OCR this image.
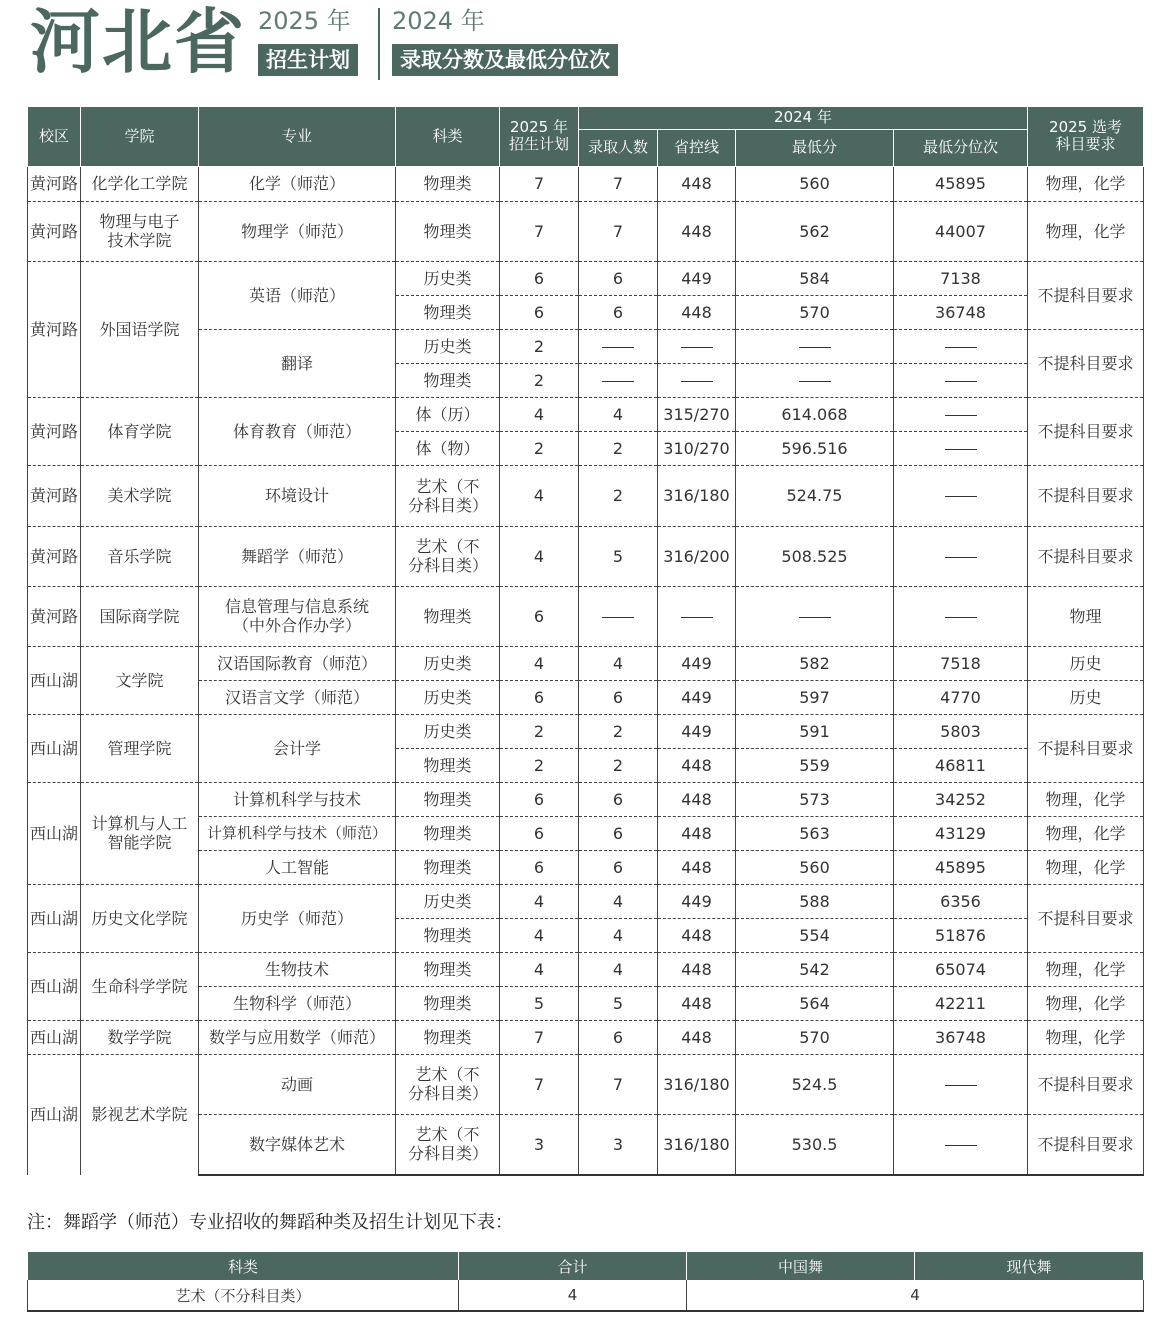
河北省 2025 年
招生计划
2024 年
录取分数及最低分位次
校区	学院	专业	科类	2025 年招生计划	2024 年				2025 选考科目要求
					录取人数	省控线	最低分	最低分位次	
黄河路	化学化工学院	化学（师范）	物理类	7	7	448	560	45895	物理，化学
黄河路	物理与电子技术学院	物理学（师范）	物理类	7	7	448	562	44007	物理，化学
黄河路	外国语学院	英语（师范）	历史类	6	6	449	584	7138	不提科目要求
			物理类	6	6	448	570	36748	
		翻译	历史类	2					不提科目要求
			物理类	2					
黄河路	体育学院	体育教育（师范）	体（历）	4	4	315/270	614.068		不提科目要求
			体（物）	2	2	310/270	596.516		
黄河路	美术学院	环境设计	艺术（不分科目类）	4	2	316/180	524.75		不提科目要求
黄河路	音乐学院	舞蹈学（师范）	艺术（不分科目类）	4	5	316/200	508.525		不提科目要求
黄河路	国际商学院	信息管理与信息系统（中外合作办学）	物理类	6					物理
西山湖	文学院	汉语国际教育（师范）	历史类	4	4	449	582	7518	历史
		汉语言文学（师范）	历史类	6	6	449	597	4770	历史
西山湖	管理学院	会计学	历史类	2	2	449	591	5803	不提科目要求
			物理类	2	2	448	559	46811	
西山湖	计算机与人工智能学院	计算机科学与技术	物理类	6	6	448	573	34252	物理，化学
		计算机科学与技术（师范）	物理类	6	6	448	563	43129	物理，化学
		人工智能	物理类	6	6	448	560	45895	物理，化学
西山湖	历史文化学院	历史学（师范）	历史类	4	4	449	588	6356	不提科目要求
			物理类	4	4	448	554	51876	
西山湖	生命科学学院	生物技术	物理类	4	4	448	542	65074	物理，化学
		生物科学（师范）	物理类	5	5	448	564	42211	物理，化学
西山湖	数学学院	数学与应用数学（师范）	物理类	7	6	448	570	36748	物理，化学
西山湖	影视艺术学院	动画	艺术（不分科目类）	7	7	316/180	524.5		不提科目要求
		数字媒体艺术	艺术（不分科目类）	3	3	316/180	530.5		不提科目要求
注：舞蹈学（师范）专业招收的舞蹈种类及招生计划见下表：
科类	合计	中国舞	现代舞
艺术（不分科目类）	4	4	
